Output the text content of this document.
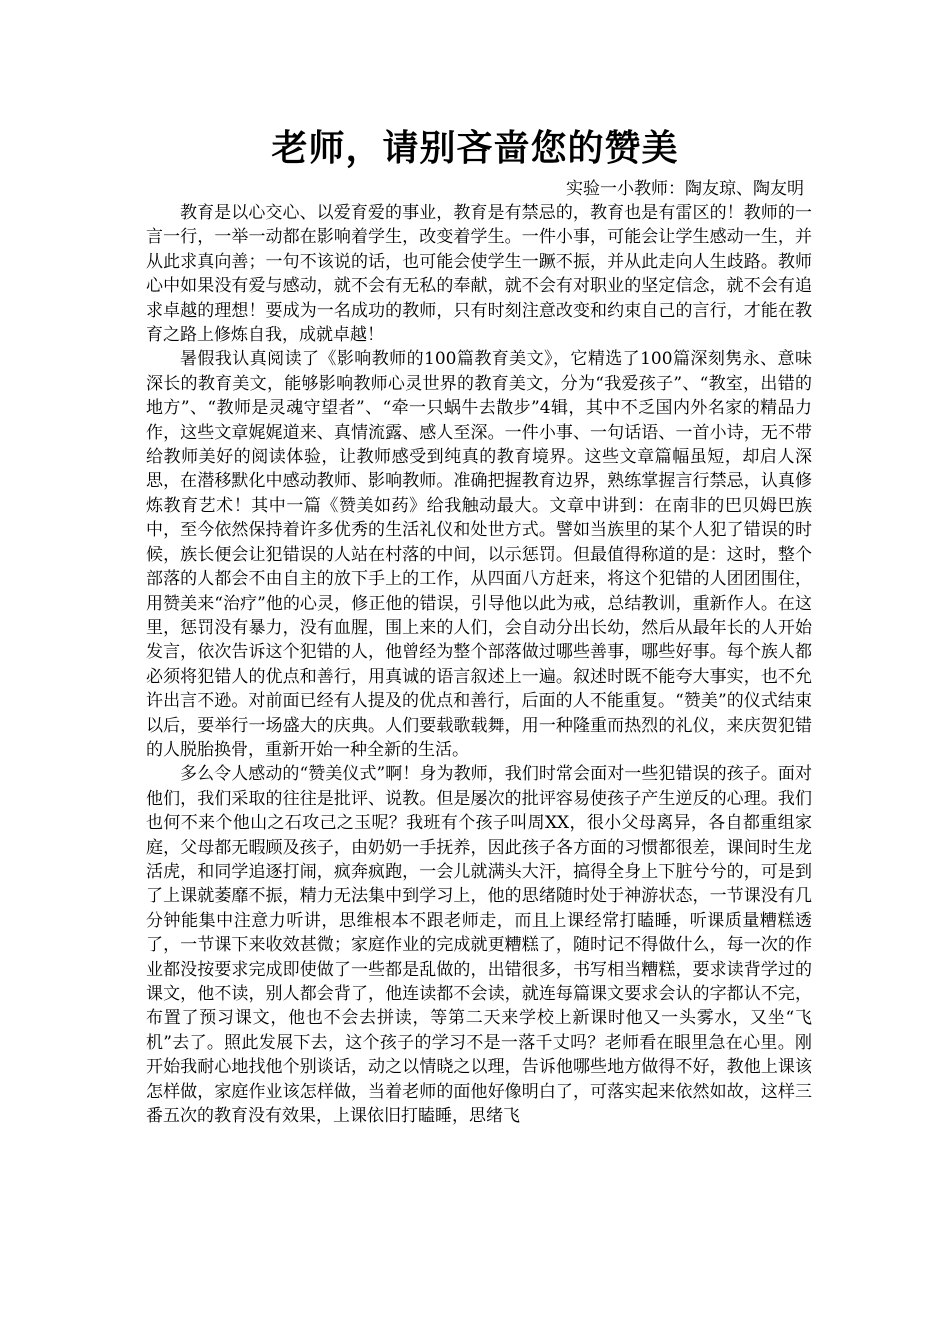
老师，请别吝啬您的赞美
实验一小教师：陶友琼、陶友明

教育是以心交心、以爱育爱的事业，教育是有禁忌的，教育也是有雷区的！教师的一言一行，一举一动都在影响着学生，改变着学生。一件小事，可能会让学生感动一生，并从此求真向善；一句不该说的话，也可能会使学生一蹶不振，并从此走向人生歧路。教师心中如果没有爱与感动，就不会有无私的奉献，就不会有对职业的坚定信念，就不会有追求卓越的理想！要成为一名成功的教师，只有时刻注意改变和约束自己的言行，才能在教育之路上修炼自我，成就卓越！

暑假我认真阅读了《影响教师的100篇教育美文》，它精选了100篇深刻隽永、意味深长的教育美文，能够影响教师心灵世界的教育美文，分为“我爱孩子”、“教室，出错的地方”、“教师是灵魂守望者”、“牵一只蜗牛去散步”4辑，其中不乏国内外名家的精品力作，这些文章娓娓道来、真情流露、感人至深。一件小事、一句话语、一首小诗，无不带给教师美好的阅读体验，让教师感受到纯真的教育境界。这些文章篇幅虽短，却启人深思，在潜移默化中感动教师、影响教师。准确把握教育边界，熟练掌握言行禁忌，认真修炼教育艺术！其中一篇《赞美如药》给我触动最大。文章中讲到：在南非的巴贝姆巴族中，至今依然保持着许多优秀的生活礼仪和处世方式。譬如当族里的某个人犯了错误的时候，族长便会让犯错误的人站在村落的中间，以示惩罚。但最值得称道的是：这时，整个部落的人都会不由自主的放下手上的工作，从四面八方赶来，将这个犯错的人团团围住，用赞美来“治疗”他的心灵，修正他的错误，引导他以此为戒，总结教训，重新作人。在这里，惩罚没有暴力，没有血腥，围上来的人们，会自动分出长幼，然后从最年长的人开始发言，依次告诉这个犯错的人，他曾经为整个部落做过哪些善事，哪些好事。每个族人都必须将犯错人的优点和善行，用真诚的语言叙述上一遍。叙述时既不能夸大事实，也不允许出言不逊。对前面已经有人提及的优点和善行，后面的人不能重复。“赞美”的仪式结束以后，要举行一场盛大的庆典。人们要载歌载舞，用一种隆重而热烈的礼仪，来庆贺犯错的人脱胎换骨，重新开始一种全新的生活。

多么令人感动的“赞美仪式”啊！身为教师，我们时常会面对一些犯错误的孩子。面对他们，我们采取的往往是批评、说教。但是屡次的批评容易使孩子产生逆反的心理。我们也何不来个他山之石攻己之玉呢？我班有个孩子叫周XX，很小父母离异，各自都重组家庭，父母都无暇顾及孩子，由奶奶一手抚养，因此孩子各方面的习惯都很差，课间时生龙活虎，和同学追逐打闹，疯奔疯跑，一会儿就满头大汗，搞得全身上下脏兮兮的，可是到了上课就萎靡不振，精力无法集中到学习上，他的思绪随时处于神游状态，一节课没有几分钟能集中注意力听讲，思维根本不跟老师走，而且上课经常打瞌睡，听课质量糟糕透了，一节课下来收效甚微；家庭作业的完成就更糟糕了，随时记不得做什么，每一次的作业都没按要求完成即使做了一些都是乱做的，出错很多，书写相当糟糕，要求读背学过的课文，他不读，别人都会背了，他连读都不会读，就连每篇课文要求会认的字都认不完，布置了预习课文，他也不会去拼读，等第二天来学校上新课时他又一头雾水，又坐“飞机”去了。照此发展下去，这个孩子的学习不是一落千丈吗？老师看在眼里急在心里。刚开始我耐心地找他个别谈话，动之以情晓之以理，告诉他哪些地方做得不好，教他上课该怎样做，家庭作业该怎样做，当着老师的面他好像明白了，可落实起来依然如故，这样三番五次的教育没有效果，上课依旧打瞌睡，思绪飞
